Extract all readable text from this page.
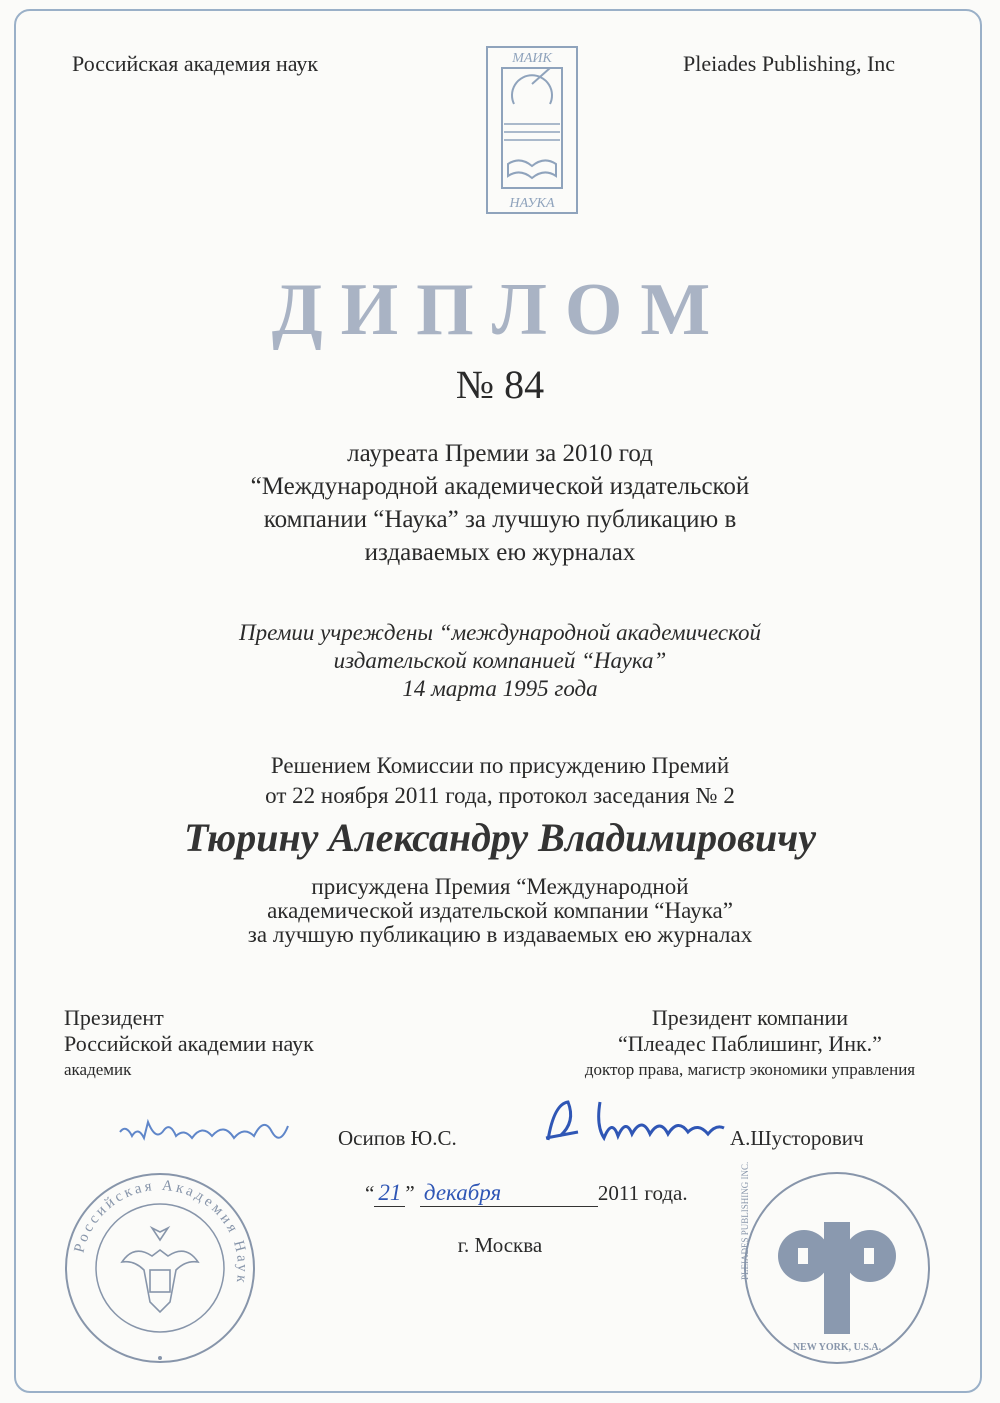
Российская академия наук	Pleiades Publishing, Inc
МАИК
НАУКА
ДИПЛОМ
№ 84
лауреата Премии за 2010 год
“Международной академической издательской
компании “Наука” за лучшую публикацию в
издаваемых ею журналах
Премии учреждены “международной академической
издательской компанией “Наука”
14 марта 1995 года
Решением Комиссии по присуждению Премий
от 22 ноября 2011 года, протокол заседания № 2
Тюрину Александру Владимировичу
присуждена Премия “Международной
академической издательской компании “Наука”
за лучшую публикацию в издаваемых ею журналах
Президент
Российской академии наук
академик
Президент компании
“Плеадес Паблишинг, Инк.”
доктор права, магистр экономики управления
Осипов Ю.С.	А.Шусторович
“ 21 ” декабря	2011 года.
г. Москва
Российская Академия Наук
PLEIADES PUBLISHING INC.
NEW YORK, U.S.A.
